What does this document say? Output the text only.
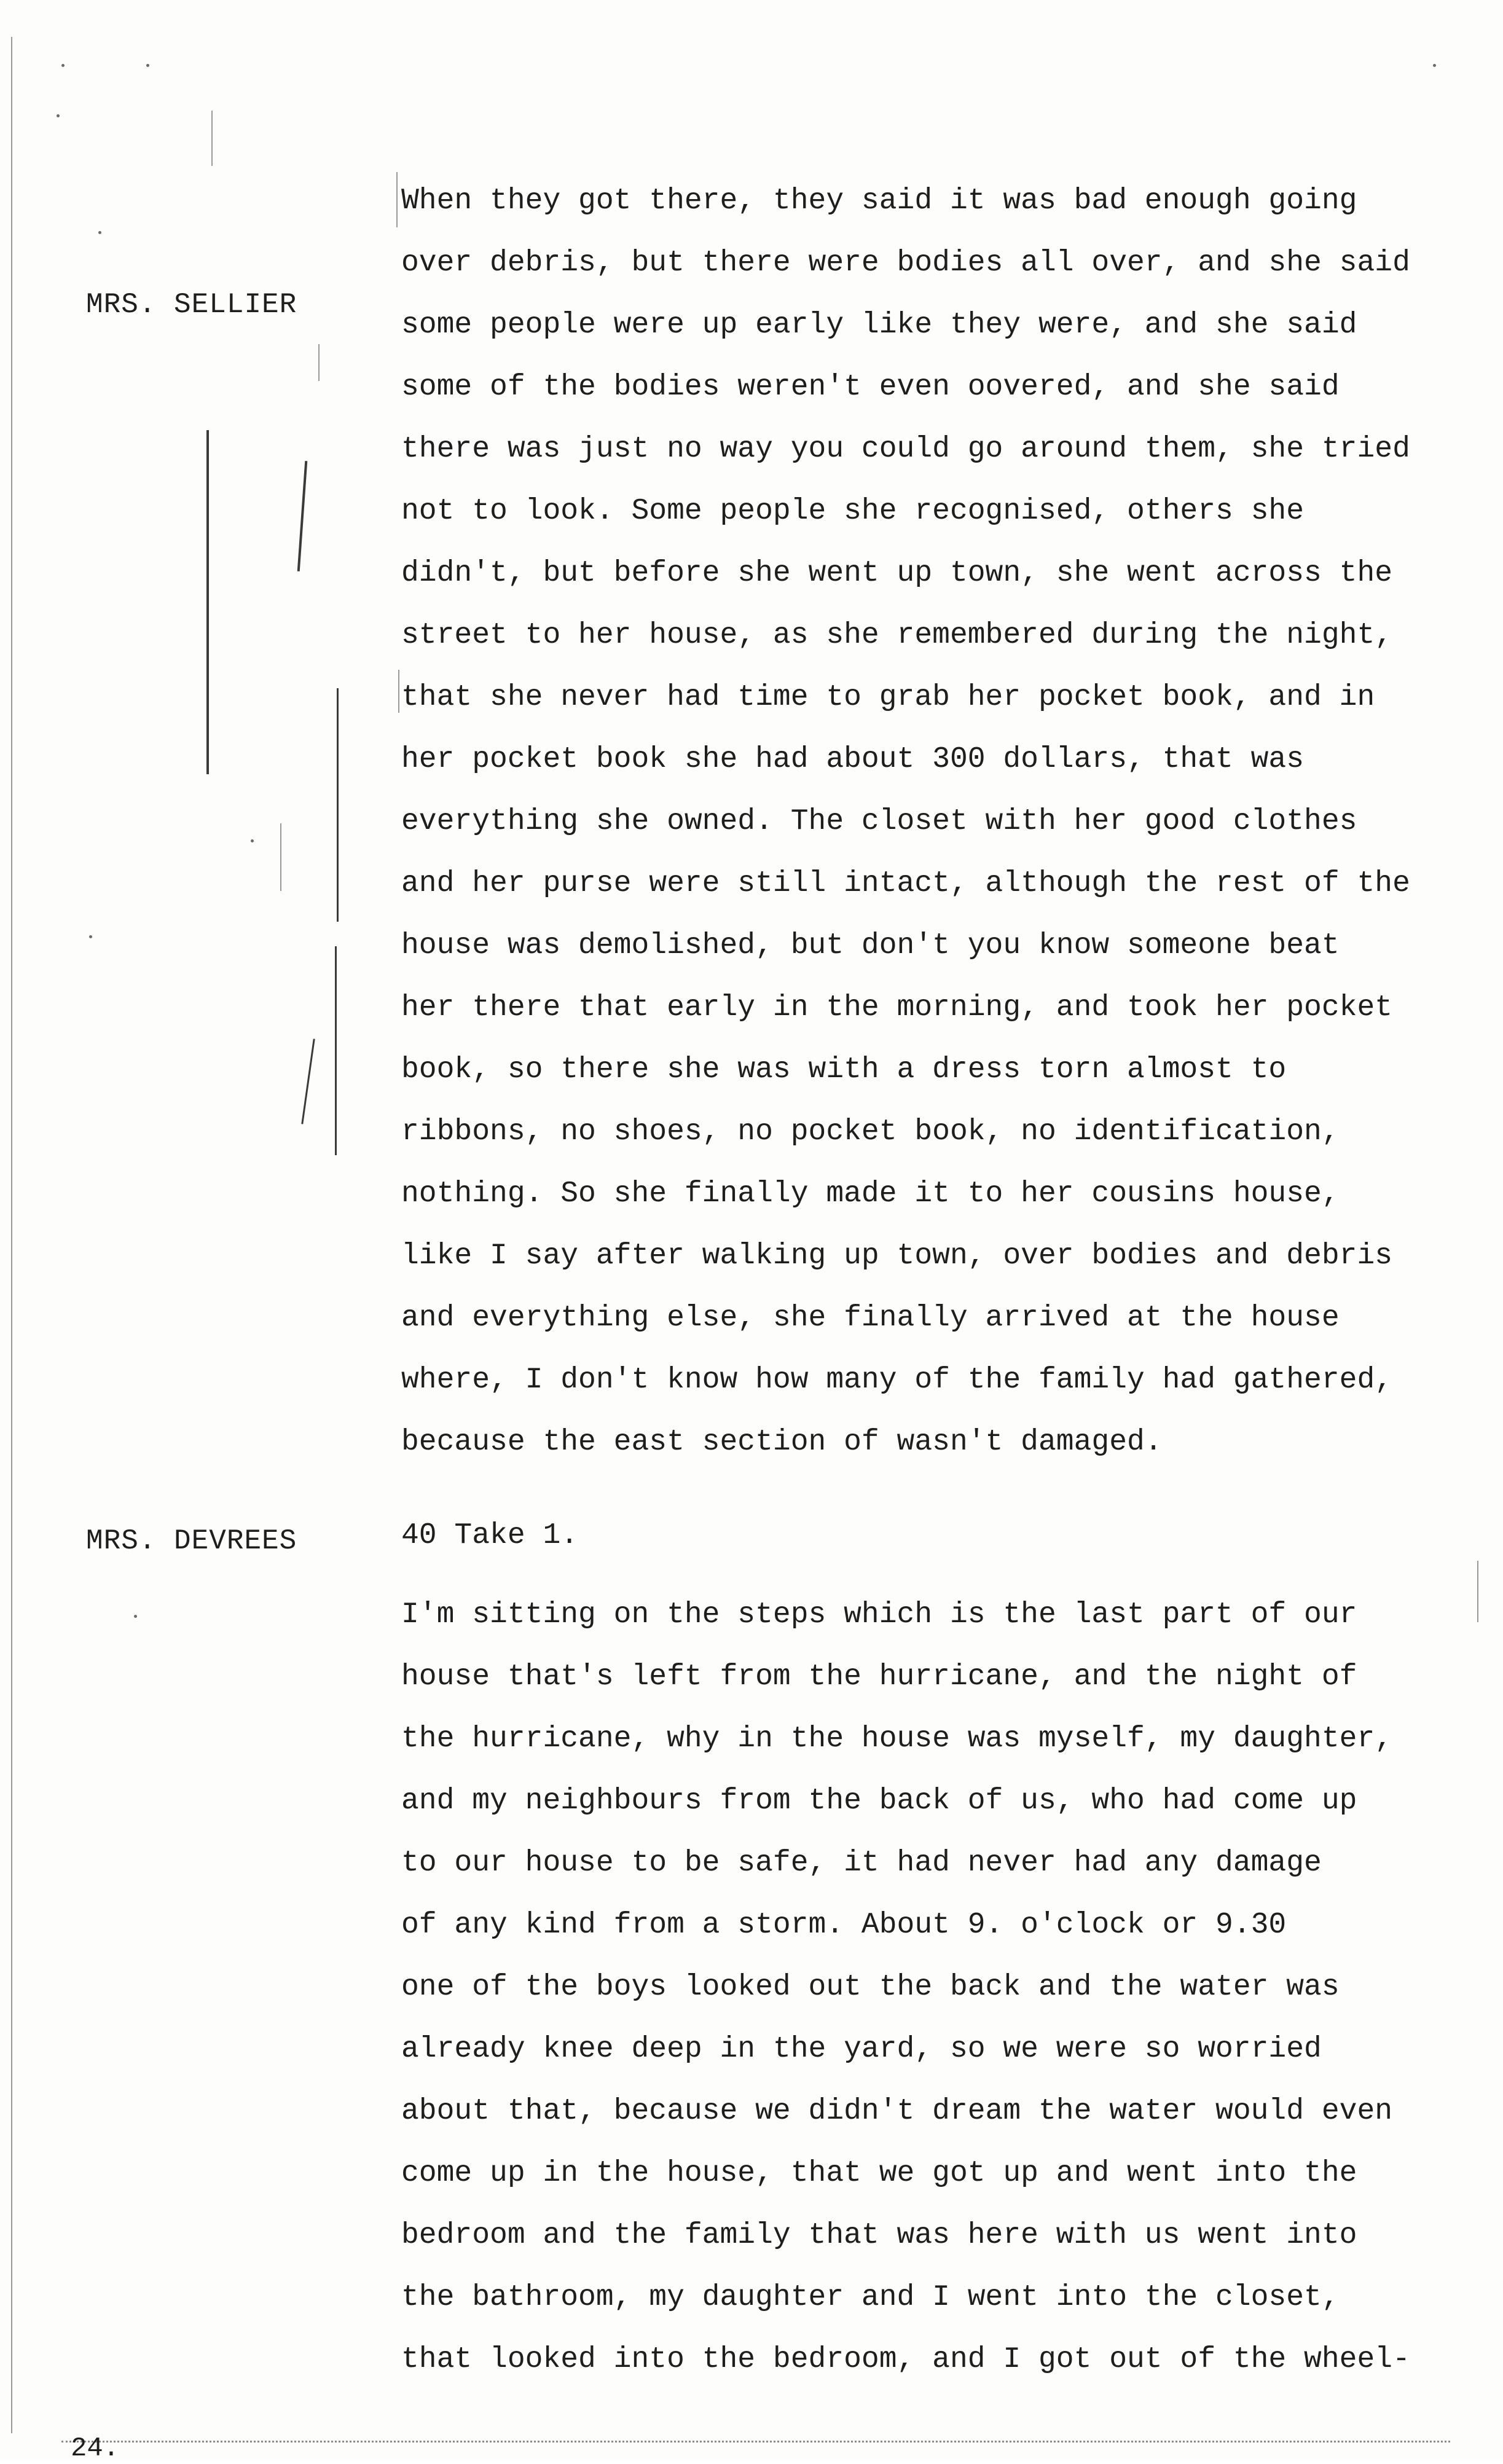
MRS. SELLIER
When they got there, they said it was bad enough going
over debris, but there were bodies all over, and she said
some people were up early like they were, and she said
some of the bodies weren't even oovered, and she said
there was just no way you could go around them, she tried
not to look. Some people she recognised, others she
didn't, but before she went up town, she went across the
street to her house, as she remembered during the night,
that she never had time to grab her pocket book, and in
her pocket book she had about 300 dollars, that was
everything she owned. The closet with her good clothes
and her purse were still intact, although the rest of the
house was demolished, but don't you know someone beat
her there that early in the morning, and took her pocket
book, so there she was with a dress torn almost to
ribbons, no shoes, no pocket book, no identification,
nothing. So she finally made it to her cousins house,
like I say after walking up town, over bodies and debris
and everything else, she finally arrived at the house
where, I don't know how many of the family had gathered,
because the east section of wasn't damaged.
MRS. DEVREES	40 Take 1.
I'm sitting on the steps which is the last part of our
house that's left from the hurricane, and the night of
the hurricane, why in the house was myself, my daughter,
and my neighbours from the back of us, who had come up
to our house to be safe, it had never had any damage
of any kind from a storm. About 9. o'clock or 9.30
one of the boys looked out the back and the water was
already knee deep in the yard, so we were so worried
about that, because we didn't dream the water would even
come up in the house, that we got up and went into the
bedroom and the family that was here with us went into
the bathroom, my daughter and I went into the closet,
that looked into the bedroom, and I got out of the wheel-
24.
